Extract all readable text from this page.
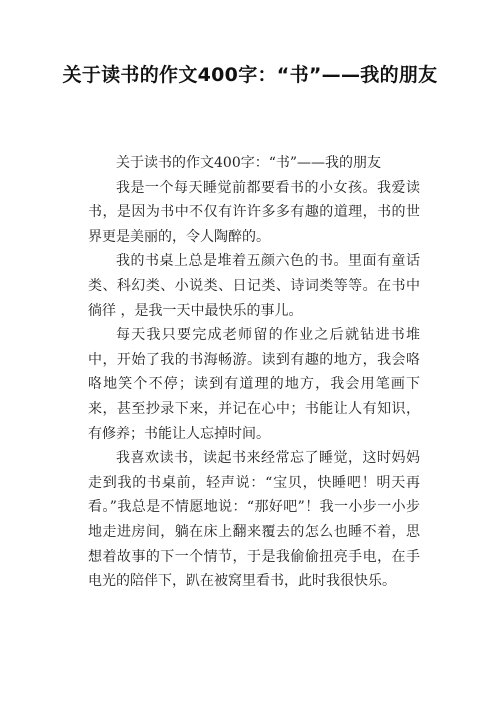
关于读书的作文400字：“书”——我的朋友

关于读书的作文400字：“书”——我的朋友

我是一个每天睡觉前都要看书的小女孩。我爱读书，是因为书中不仅有许许多多有趣的道理，书的世界更是美丽的，令人陶醉的。

我的书桌上总是堆着五颜六色的书。里面有童话类、科幻类、小说类、日记类、诗词类等等。在书中徜徉 ，是我一天中最快乐的事儿。

每天我只要完成老师留的作业之后就钻进书堆中，开始了我的书海畅游。读到有趣的地方，我会咯咯地笑个不停；读到有道理的地方，我会用笔画下来，甚至抄录下来，并记在心中；书能让人有知识，有修养；书能让人忘掉时间。

我喜欢读书，读起书来经常忘了睡觉，这时妈妈走到我的书桌前，轻声说：“宝贝，快睡吧！明天再看。”我总是不情愿地说：“那好吧”！我一小步一小步地走进房间，躺在床上翻来覆去的怎么也睡不着，思想着故事的下一个情节，于是我偷偷扭亮手电，在手电光的陪伴下，趴在被窝里看书，此时我很快乐。
